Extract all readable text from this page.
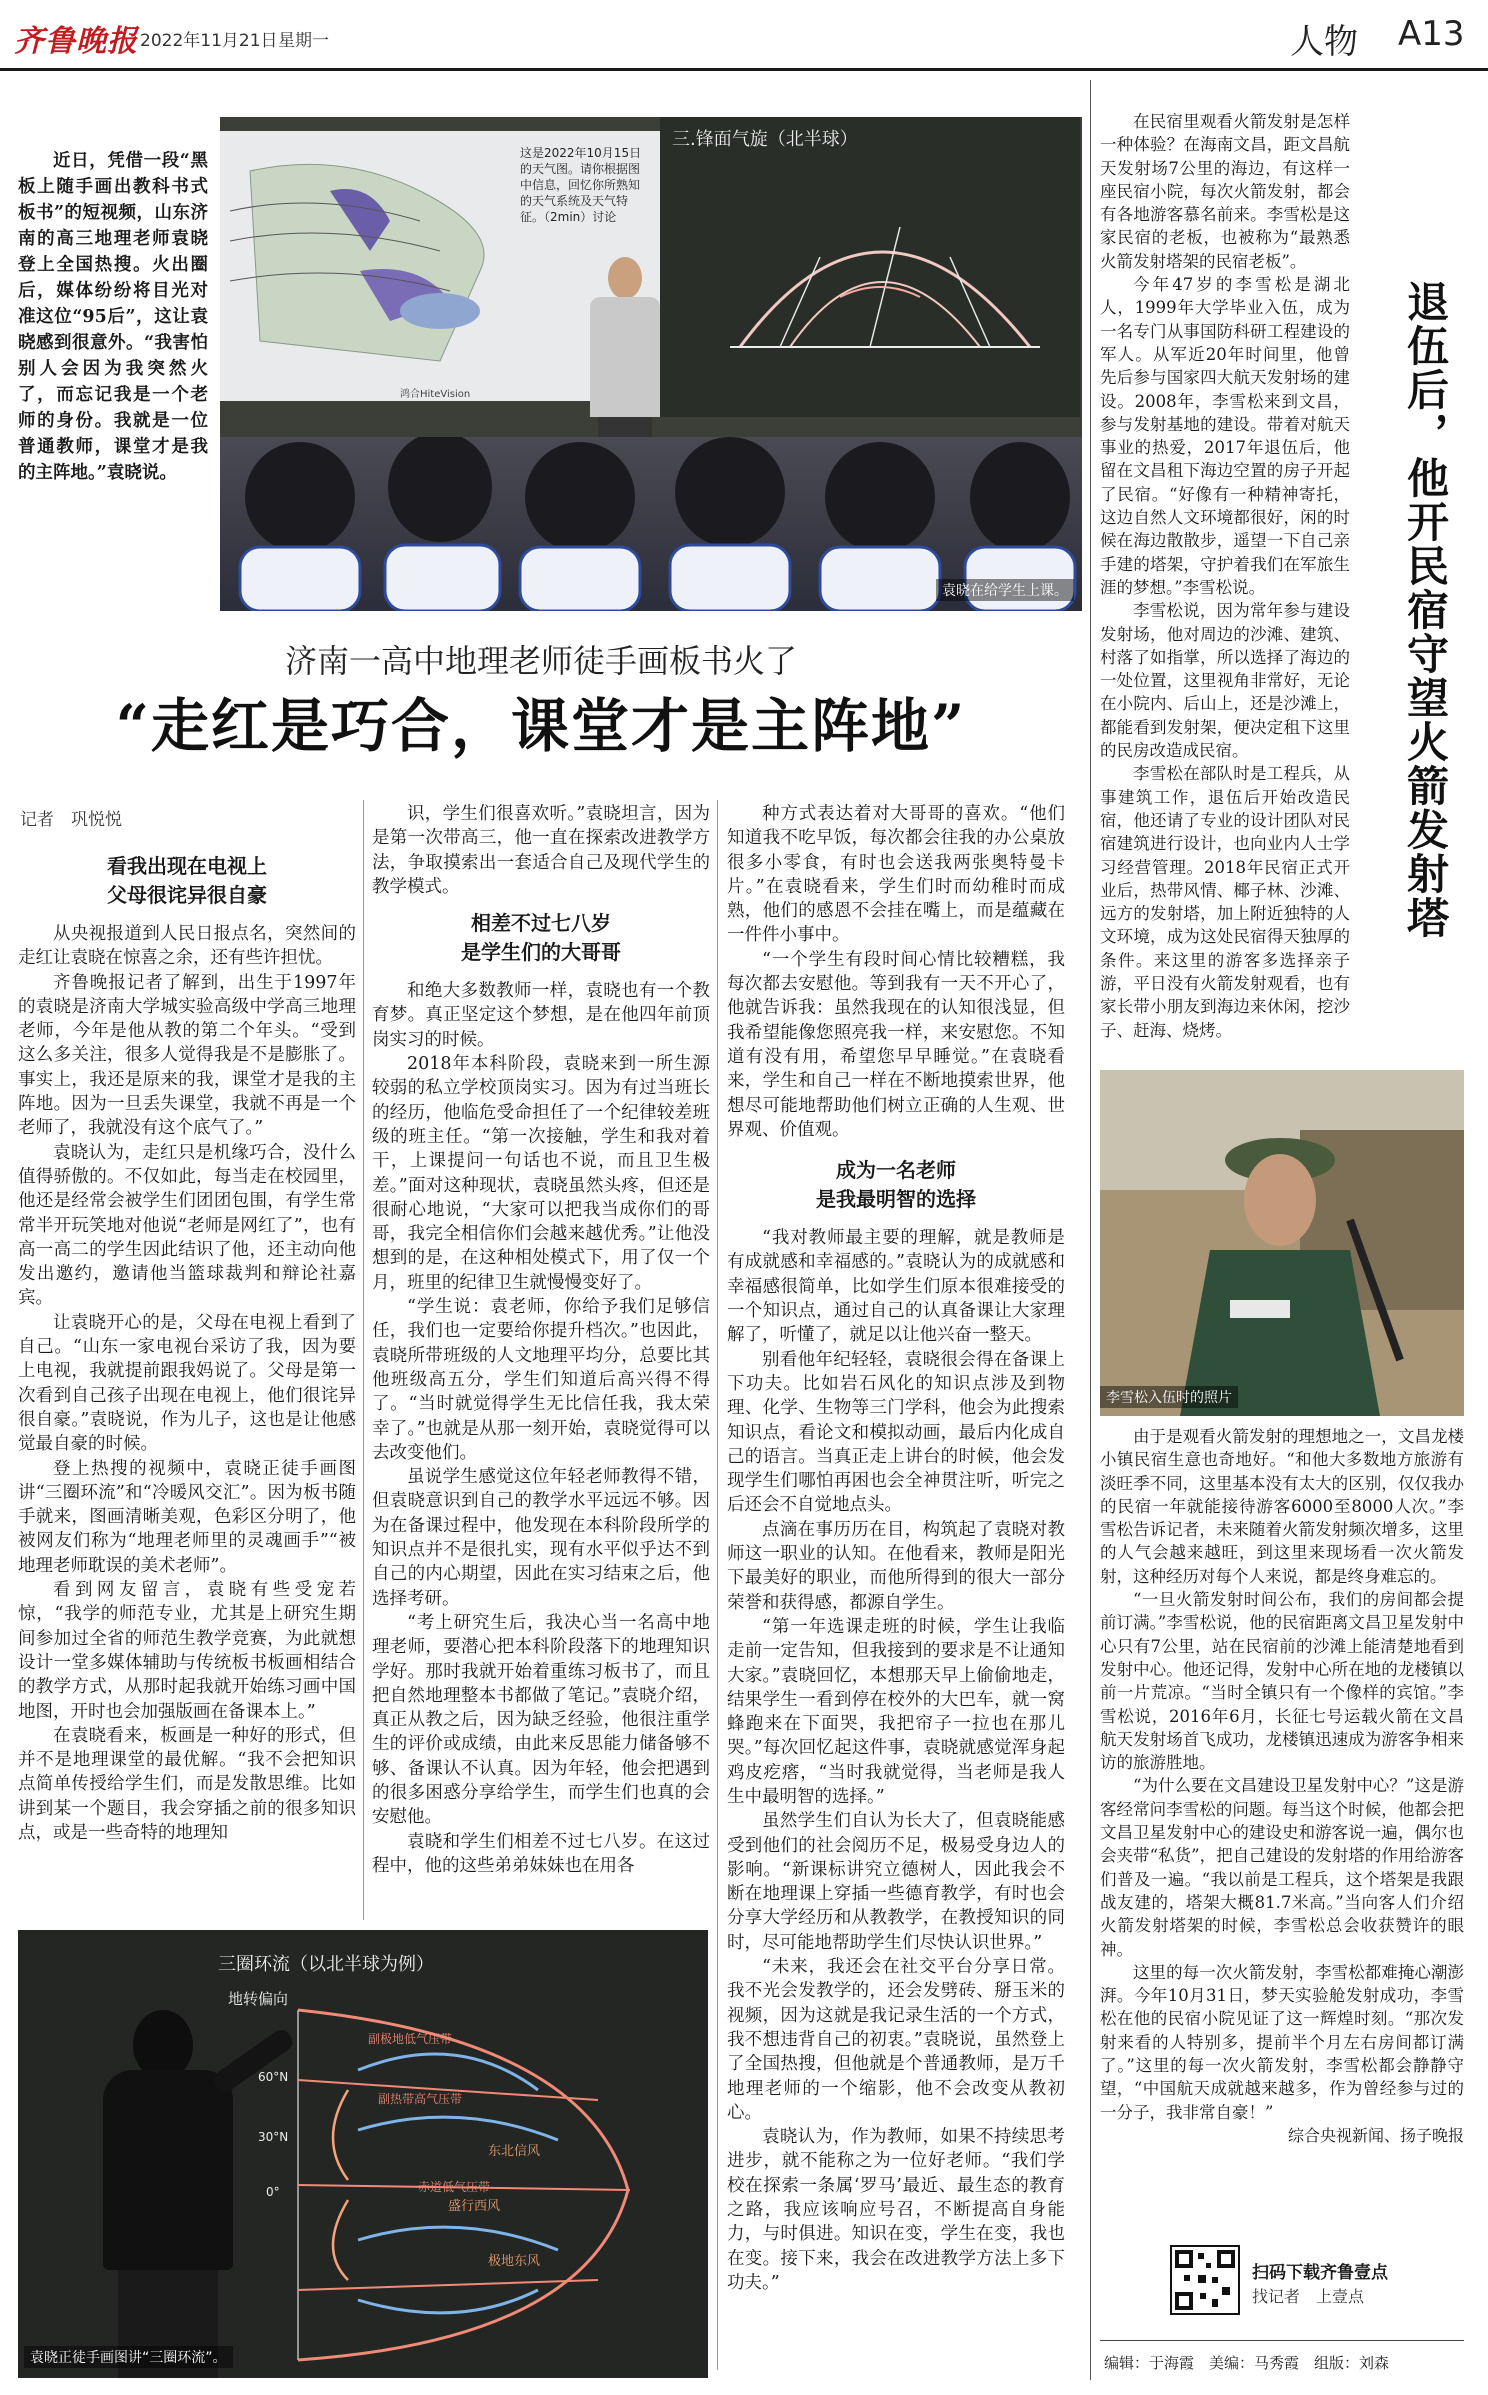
齐鲁晚报 2022年11月21日 星期一	人物 A13

近日，凭借一段“黑板上随手画出教科书式板书”的短视频，山东济南的高三地理老师袁晓登上全国热搜。火出圈后，媒体纷纷将目光对准这位“95后”，这让袁晓感到很意外。“我害怕别人会因为我突然火了，而忘记我是一个老师的身份。我就是一位普通教师，课堂才是我的主阵地。”袁晓说。

这是2022年10月15日的天气图。请你根据图中信息，回忆你所熟知的天气系统及天气特征。（2min）讨论
鸿合HiteVision
三.锋面气旋（北半球）
袁晓在给学生上课。
济南一高中地理老师徒手画板书火了
“走红是巧合，课堂才是主阵地”
记者　巩悦悦
看我出现在电视上
父母很诧异很自豪

从央视报道到人民日报点名，突然间的走红让袁晓在惊喜之余，还有些许担忧。

齐鲁晚报记者了解到，出生于1997年的袁晓是济南大学城实验高级中学高三地理老师，今年是他从教的第二个年头。“受到这么多关注，很多人觉得我是不是膨胀了。事实上，我还是原来的我，课堂才是我的主阵地。因为一旦丢失课堂，我就不再是一个老师了，我就没有这个底气了。”

袁晓认为，走红只是机缘巧合，没什么值得骄傲的。不仅如此，每当走在校园里，他还是经常会被学生们团团包围，有学生常常半开玩笑地对他说“老师是网红了”，也有高一高二的学生因此结识了他，还主动向他发出邀约，邀请他当篮球裁判和辩论社嘉宾。

让袁晓开心的是，父母在电视上看到了自己。“山东一家电视台采访了我，因为要上电视，我就提前跟我妈说了。父母是第一次看到自己孩子出现在电视上，他们很诧异很自豪。”袁晓说，作为儿子，这也是让他感觉最自豪的时候。

登上热搜的视频中，袁晓正徒手画图讲“三圈环流”和“冷暖风交汇”。因为板书随手就来，图画清晰美观，色彩区分明了，他被网友们称为“地理老师里的灵魂画手”“被地理老师耽误的美术老师”。

看到网友留言，袁晓有些受宠若惊，“我学的师范专业，尤其是上研究生期间参加过全省的师范生教学竞赛，为此就想设计一堂多媒体辅助与传统板书板画相结合的教学方式，从那时起我就开始练习画中国地图，开时也会加强版画在备课本上。”

在袁晓看来，板画是一种好的形式，但并不是地理课堂的最优解。“我不会把知识点简单传授给学生们，而是发散思维。比如讲到某一个题目，我会穿插之前的很多知识点，或是一些奇特的地理知

识，学生们很喜欢听。”袁晓坦言，因为是第一次带高三，他一直在探索改进教学方法，争取摸索出一套适合自己及现代学生的教学模式。

相差不过七八岁
是学生们的大哥哥

和绝大多数教师一样，袁晓也有一个教育梦。真正坚定这个梦想，是在他四年前顶岗实习的时候。

2018年本科阶段，袁晓来到一所生源较弱的私立学校顶岗实习。因为有过当班长的经历，他临危受命担任了一个纪律较差班级的班主任。“第一次接触，学生和我对着干，上课提问一句话也不说，而且卫生极差。”面对这种现状，袁晓虽然头疼，但还是很耐心地说，“大家可以把我当成你们的哥哥，我完全相信你们会越来越优秀。”让他没想到的是，在这种相处模式下，用了仅一个月，班里的纪律卫生就慢慢变好了。

“学生说：袁老师，你给予我们足够信任，我们也一定要给你提升档次。”也因此，袁晓所带班级的人文地理平均分，总要比其他班级高五分，学生们知道后高兴得不得了。“当时就觉得学生无比信任我，我太荣幸了。”也就是从那一刻开始，袁晓觉得可以去改变他们。

虽说学生感觉这位年轻老师教得不错，但袁晓意识到自己的教学水平远远不够。因为在备课过程中，他发现在本科阶段所学的知识点并不是很扎实，现有水平似乎达不到自己的内心期望，因此在实习结束之后，他选择考研。

“考上研究生后，我决心当一名高中地理老师，要潜心把本科阶段落下的地理知识学好。那时我就开始着重练习板书了，而且把自然地理整本书都做了笔记。”袁晓介绍，真正从教之后，因为缺乏经验，他很注重学生的评价或成绩，由此来反思能力储备够不够、备课认不认真。因为年轻，他会把遇到的很多困惑分享给学生，而学生们也真的会安慰他。

袁晓和学生们相差不过七八岁。在这过程中，他的这些弟弟妹妹也在用各

种方式表达着对大哥哥的喜欢。“他们知道我不吃早饭，每次都会往我的办公桌放很多小零食，有时也会送我两张奥特曼卡片。”在袁晓看来，学生们时而幼稚时而成熟，他们的感恩不会挂在嘴上，而是蕴藏在一件件小事中。

“一个学生有段时间心情比较糟糕，我每次都去安慰他。等到我有一天不开心了，他就告诉我：虽然我现在的认知很浅显，但我希望能像您照亮我一样，来安慰您。不知道有没有用，希望您早早睡觉。”在袁晓看来，学生和自己一样在不断地摸索世界，他想尽可能地帮助他们树立正确的人生观、世界观、价值观。

成为一名老师
是我最明智的选择

“我对教师最主要的理解，就是教师是有成就感和幸福感的。”袁晓认为的成就感和幸福感很简单，比如学生们原本很难接受的一个知识点，通过自己的认真备课让大家理解了，听懂了，就足以让他兴奋一整天。

别看他年纪轻轻，袁晓很会得在备课上下功夫。比如岩石风化的知识点涉及到物理、化学、生物等三门学科，他会为此搜索知识点，看论文和模拟动画，最后内化成自己的语言。当真正走上讲台的时候，他会发现学生们哪怕再困也会全神贯注听，听完之后还会不自觉地点头。

点滴在事历历在目，构筑起了袁晓对教师这一职业的认知。在他看来，教师是阳光下最美好的职业，而他所得到的很大一部分荣誉和获得感，都源自学生。

“第一年选课走班的时候，学生让我临走前一定告知，但我接到的要求是不让通知大家。”袁晓回忆，本想那天早上偷偷地走，结果学生一看到停在校外的大巴车，就一窝蜂跑来在下面哭，我把帘子一拉也在那儿哭。”每次回忆起这件事，袁晓就感觉浑身起鸡皮疙瘩，“当时我就觉得，当老师是我人生中最明智的选择。”

虽然学生们自认为长大了，但袁晓能感受到他们的社会阅历不足，极易受身边人的影响。“新课标讲究立德树人，因此我会不断在地理课上穿插一些德育教学，有时也会分享大学经历和从教教学，在教授知识的同时，尽可能地帮助学生们尽快认识世界。”

“未来，我还会在社交平台分享日常。我不光会发教学的，还会发劈砖、掰玉米的视频，因为这就是我记录生活的一个方式，我不想违背自己的初衷。”袁晓说，虽然登上了全国热搜，但他就是个普通教师，是万千地理老师的一个缩影，他不会改变从教初心。

袁晓认为，作为教师，如果不持续思考进步，就不能称之为一位好老师。“我们学校在探索一条属‘罗马’最近、最生态的教育之路，我应该响应号召，不断提高自身能力，与时俱进。知识在变，学生在变，我也在变。接下来，我会在改进教学方法上多下功夫。”

三圈环流（以北半球为例）
地转偏向
东北信风
盛行西风
极地东风
赤道低气压带
副热带高气压带
副极地低气压带
60°N
30°N
0°
袁晓正徒手画图讲“三圈环流”。

在民宿里观看火箭发射是怎样一种体验？在海南文昌，距文昌航天发射场7公里的海边，有这样一座民宿小院，每次火箭发射，都会有各地游客慕名前来。李雪松是这家民宿的老板，也被称为“最熟悉火箭发射塔架的民宿老板”。

今年47岁的李雪松是湖北人，1999年大学毕业入伍，成为一名专门从事国防科研工程建设的军人。从军近20年时间里，他曾先后参与国家四大航天发射场的建设。2008年，李雪松来到文昌，参与发射基地的建设。带着对航天事业的热爱，2017年退伍后，他留在文昌租下海边空置的房子开起了民宿。“好像有一种精神寄托，这边自然人文环境都很好，闲的时候在海边散散步，遥望一下自己亲手建的塔架，守护着我们在军旅生涯的梦想。”李雪松说。

李雪松说，因为常年参与建设发射场，他对周边的沙滩、建筑、村落了如指掌，所以选择了海边的一处位置，这里视角非常好，无论在小院内、后山上，还是沙滩上，都能看到发射架，便决定租下这里的民房改造成民宿。

李雪松在部队时是工程兵，从事建筑工作，退伍后开始改造民宿，他还请了专业的设计团队对民宿建筑进行设计，也向业内人士学习经营管理。2018年民宿正式开业后，热带风情、椰子林、沙滩、远方的发射塔，加上附近独特的人文环境，成为这处民宿得天独厚的条件。来这里的游客多选择亲子游，平日没有火箭发射观看，也有家长带小朋友到海边来休闲，挖沙子、赶海、烧烤。

退伍后，他开民宿守望火箭发射塔
李雪松入伍时的照片

由于是观看火箭发射的理想地之一，文昌龙楼小镇民宿生意也奇地好。“和他大多数地方旅游有淡旺季不同，这里基本没有太大的区别，仅仅我办的民宿一年就能接待游客6000至8000人次。”李雪松告诉记者，未来随着火箭发射频次增多，这里的人气会越来越旺，到这里来现场看一次火箭发射，这种经历对每个人来说，都是终身难忘的。

“一旦火箭发射时间公布，我们的房间都会提前订满。”李雪松说，他的民宿距离文昌卫星发射中心只有7公里，站在民宿前的沙滩上能清楚地看到发射中心。他还记得，发射中心所在地的龙楼镇以前一片荒凉。“当时全镇只有一个像样的宾馆。”李雪松说，2016年6月，长征七号运载火箭在文昌航天发射场首飞成功，龙楼镇迅速成为游客争相来访的旅游胜地。

“为什么要在文昌建设卫星发射中心？”这是游客经常问李雪松的问题。每当这个时候，他都会把文昌卫星发射中心的建设史和游客说一遍，偶尔也会夹带“私货”，把自己建设的发射塔的作用给游客们普及一遍。“我以前是工程兵，这个塔架是我跟战友建的，塔架大概81.7米高。”当向客人们介绍火箭发射塔架的时候，李雪松总会收获赞许的眼神。

这里的每一次火箭发射，李雪松都难掩心潮澎湃。今年10月31日，梦天实验舱发射成功，李雪松在他的民宿小院见证了这一辉煌时刻。“那次发射来看的人特别多，提前半个月左右房间都订满了。”这里的每一次火箭发射，李雪松都会静静守望，“中国航天成就越来越多，作为曾经参与过的一分子，我非常自豪！”

综合央视新闻、扬子晚报
扫码下载齐鲁壹点
找记者　上壹点
编辑：于海霞　美编：马秀霞　组版：刘森
